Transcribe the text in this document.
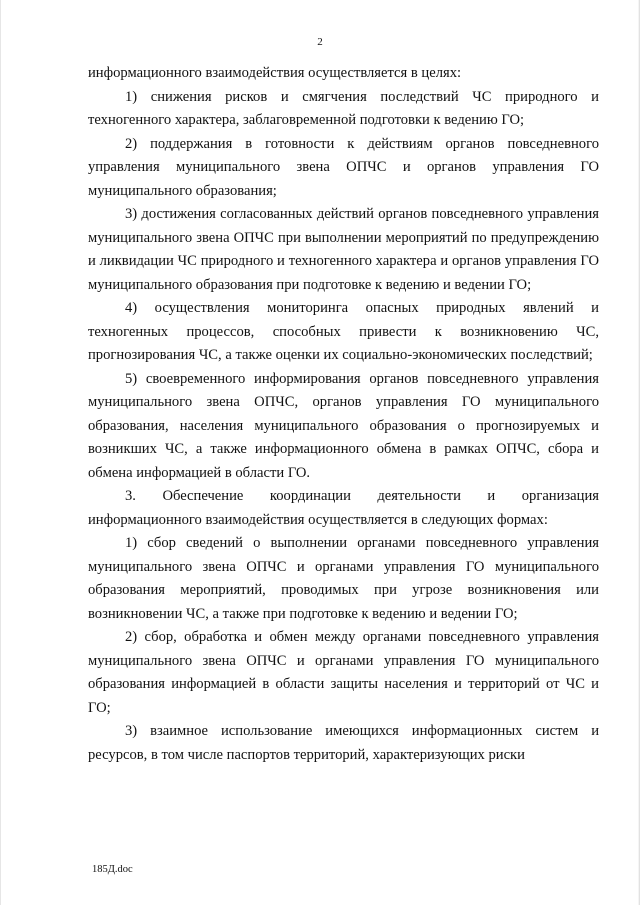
2

информационного взаимодействия осуществляется в целях:

1) снижения рисков и смягчения последствий ЧС природного и техногенного характера, заблаговременной подготовки к ведению ГО;

2) поддержания в готовности к действиям органов повседневного управления муниципального звена ОПЧС и органов управления ГО муниципального образования;

3) достижения согласованных действий органов повседневного управления муниципального звена ОПЧС при выполнении мероприятий по предупреждению и ликвидации ЧС природного и техногенного характера и органов управления ГО муниципального образования при подготовке к ведению и ведении ГО;

4) осуществления мониторинга опасных природных явлений и техногенных процессов, способных привести к возникновению ЧС, прогнозирования ЧС, а также оценки их социально-экономических последствий;

5) своевременного информирования органов повседневного управления муниципального звена ОПЧС, органов управления ГО муниципального образования, населения муниципального образования о прогнозируемых и возникших ЧС, а также информационного обмена в рамках ОПЧС, сбора и обмена информацией в области ГО.

3. Обеспечение координации деятельности и организация информационного взаимодействия осуществляется в следующих формах:

1) сбор сведений о выполнении органами повседневного управления муниципального звена ОПЧС и органами управления ГО муниципального образования мероприятий, проводимых при угрозе возникновения или возникновении ЧС, а также при подготовке к ведению и ведении ГО;

2) сбор, обработка и обмен между органами повседневного управления муниципального звена ОПЧС и органами управления ГО муниципального образования информацией в области защиты населения и территорий от ЧС и ГО;

3) взаимное использование имеющихся информационных систем и ресурсов, в том числе паспортов территорий, характеризующих риски

185Д.doc
